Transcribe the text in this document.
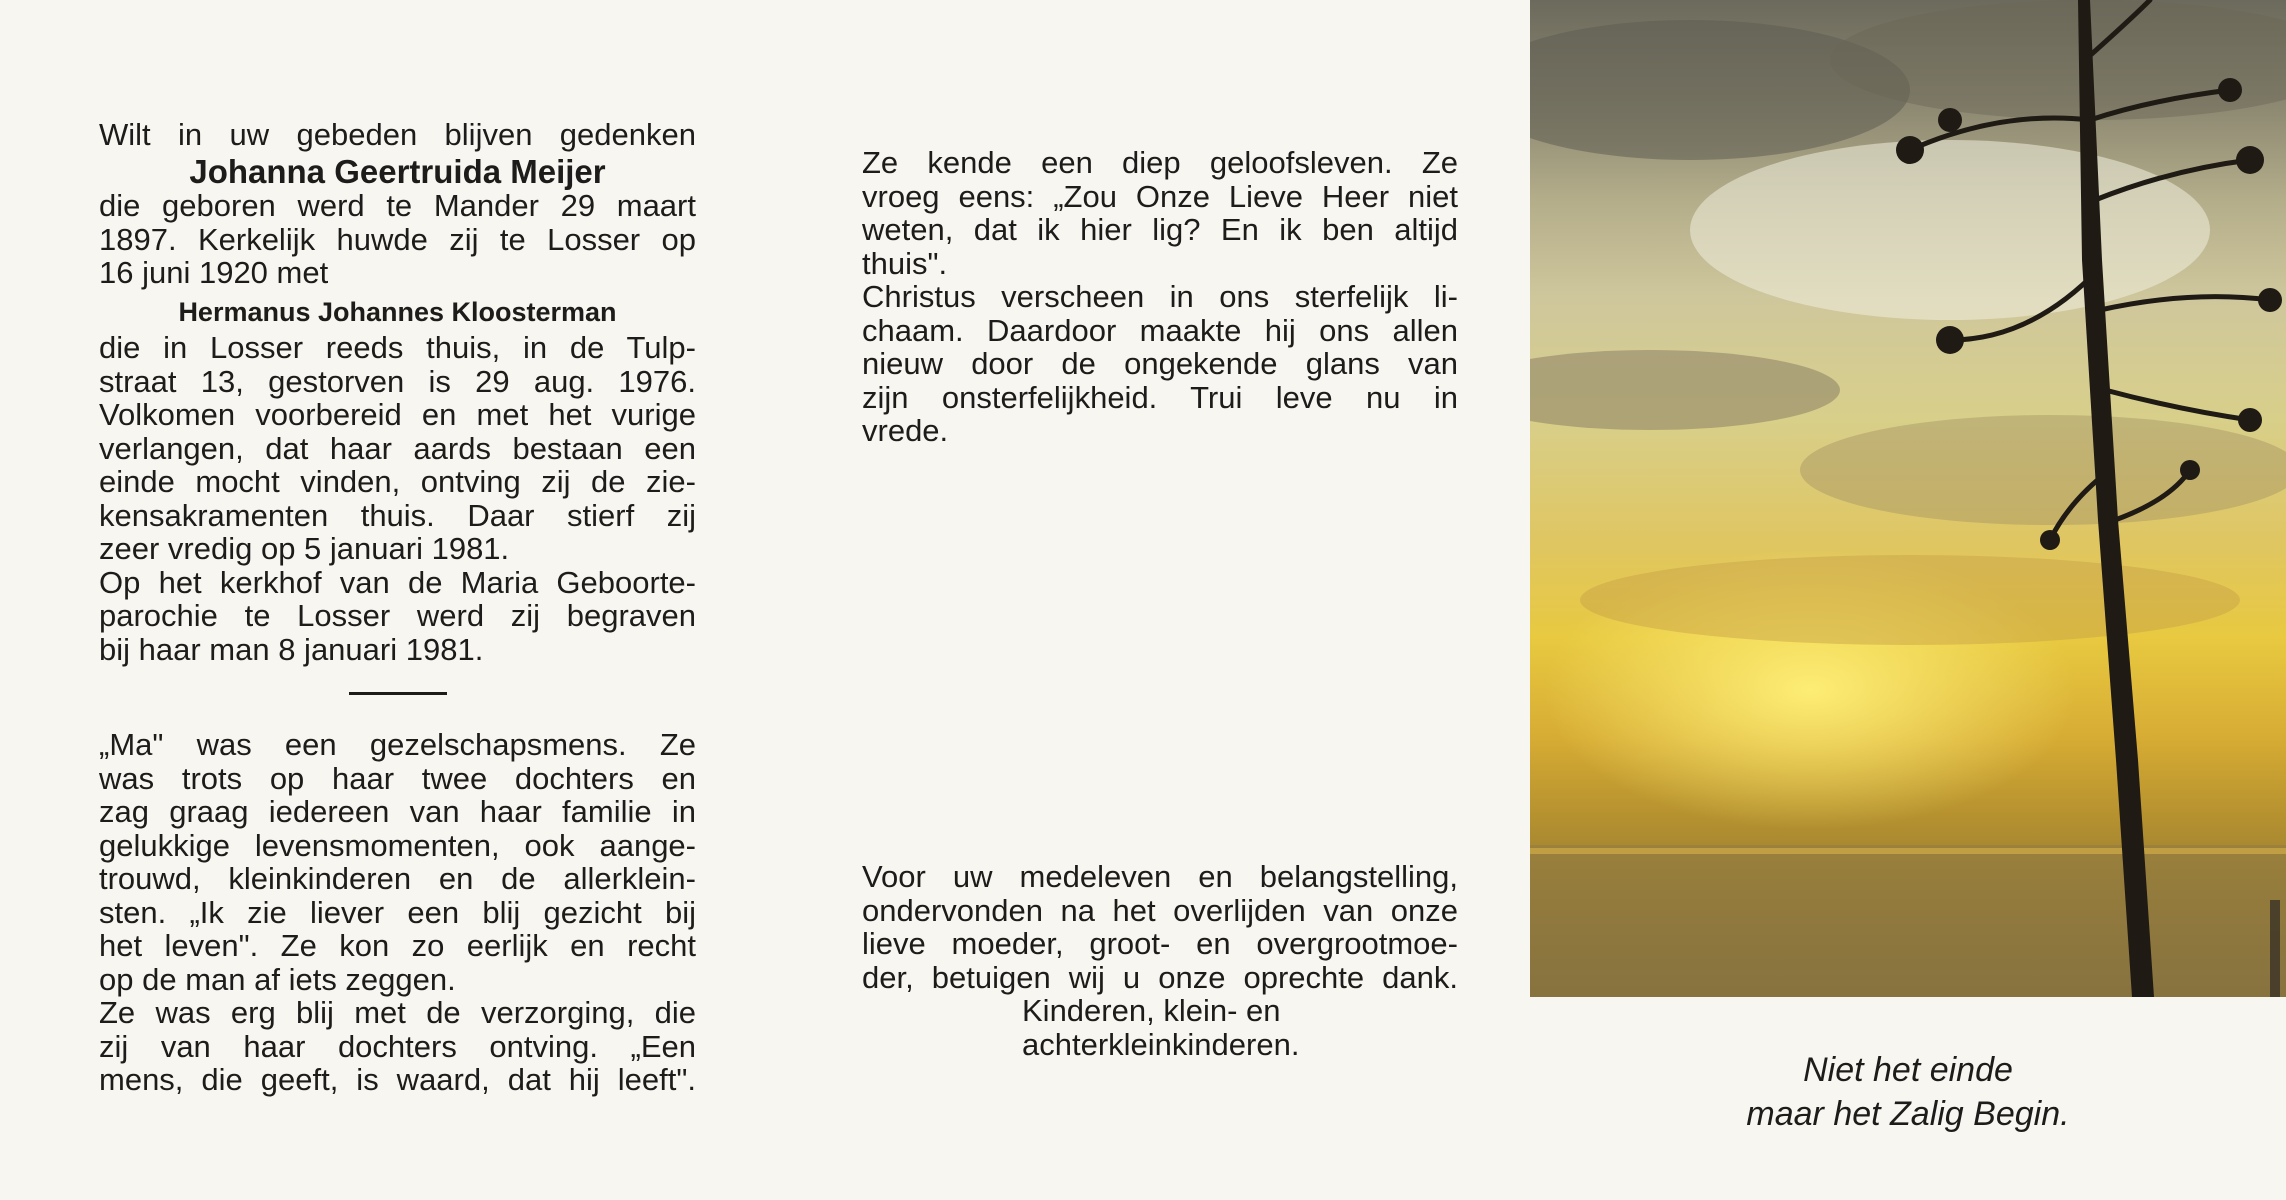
Wilt in uw gebeden blijven gedenken

Johanna Geertruida Meijer

die geboren werd te Mander 29 maart

1897. Kerkelijk huwde zij te Losser op

16 juni 1920 met

Hermanus Johannes Kloosterman

die in Losser reeds thuis, in de Tulp-

straat 13, gestorven is 29 aug. 1976.

Volkomen voorbereid en met het vurige

verlangen, dat haar aards bestaan een

einde mocht vinden, ontving zij de zie-

kensakramenten thuis. Daar stierf zij

zeer vredig op 5 januari 1981.

Op het kerkhof van de Maria Geboorte-

parochie te Losser werd zij begraven

bij haar man 8 januari 1981.

„Ma" was een gezelschapsmens. Ze

was trots op haar twee dochters en

zag graag iedereen van haar familie in

gelukkige levensmomenten, ook aange-

trouwd, kleinkinderen en de allerklein-

sten. „Ik zie liever een blij gezicht bij

het leven". Ze kon zo eerlijk en recht

op de man af iets zeggen.

Ze was erg blij met de verzorging, die

zij van haar dochters ontving. „Een

mens, die geeft, is waard, dat hij leeft".

Ze kende een diep geloofsleven. Ze

vroeg eens: „Zou Onze Lieve Heer niet

weten, dat ik hier lig? En ik ben altijd

thuis".

Christus verscheen in ons sterfelijk li-

chaam. Daardoor maakte hij ons allen

nieuw door de ongekende glans van

zijn onsterfelijkheid. Trui leve nu in

vrede.

Voor uw medeleven en belangstelling,

ondervonden na het overlijden van onze

lieve moeder, groot- en overgrootmoe-

der, betuigen wij u onze oprechte dank.

Kinderen, klein- en

achterkleinkinderen.

Niet het einde

maar het Zalig Begin.
